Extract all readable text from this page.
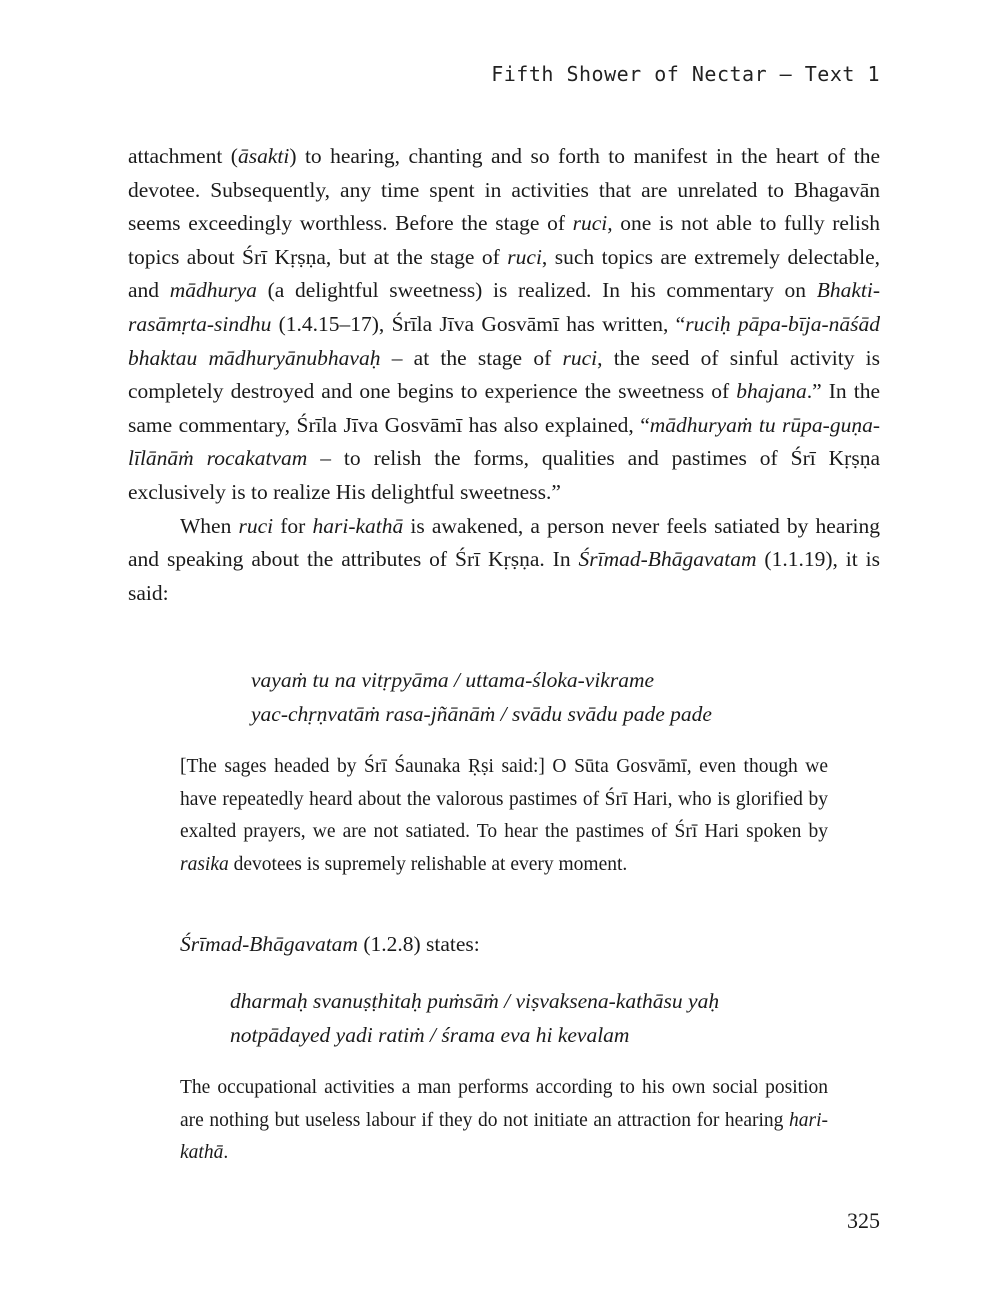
Fifth Shower of Nectar – Text 1

attachment (āsakti) to hearing, chanting and so forth to manifest in the heart of the devotee. Subsequently, any time spent in activities that are unrelated to Bhagavān seems exceedingly worthless. Before the stage of ruci, one is not able to fully relish topics about Śrī Kṛṣṇa, but at the stage of ruci, such topics are extremely delectable, and mādhurya (a delightful sweetness) is realized. In his commentary on Bhakti-rasāmṛta-sindhu (1.4.15–17), Śrīla Jīva Gosvāmī has written, “ruciḥ pāpa-bīja-nāśād bhaktau mādhuryānubhavaḥ – at the stage of ruci, the seed of sinful activity is completely destroyed and one begins to experience the sweetness of bhajana.” In the same commentary, Śrīla Jīva Gosvāmī has also explained, “mādhuryaṁ tu rūpa-guṇa-līlānāṁ rocakatvam – to relish the forms, qualities and pastimes of Śrī Kṛṣṇa exclusively is to realize His delightful sweetness.”

When ruci for hari-kathā is awakened, a person never feels satiated by hearing and speaking about the attributes of Śrī Kṛṣṇa. In Śrīmad-Bhāgavatam (1.1.19), it is said:

vayaṁ tu na vitṛpyāma / uttama-śloka-vikrame
yac-chṛṇvatāṁ rasa-jñānāṁ / svādu svādu pade pade

[The sages headed by Śrī Śaunaka Ṛṣi said:] O Sūta Gosvāmī, even though we have repeatedly heard about the valorous pastimes of Śrī Hari, who is glorified by exalted prayers, we are not satiated. To hear the pastimes of Śrī Hari spoken by rasika devotees is supremely relishable at every moment.

Śrīmad-Bhāgavatam (1.2.8) states:
dharmaḥ svanuṣṭhitaḥ puṁsāṁ / viṣvaksena-kathāsu yaḥ
notpādayed yadi ratiṁ / śrama eva hi kevalam

The occupational activities a man performs according to his own social position are nothing but useless labour if they do not initiate an attraction for hearing hari-kathā.

325
